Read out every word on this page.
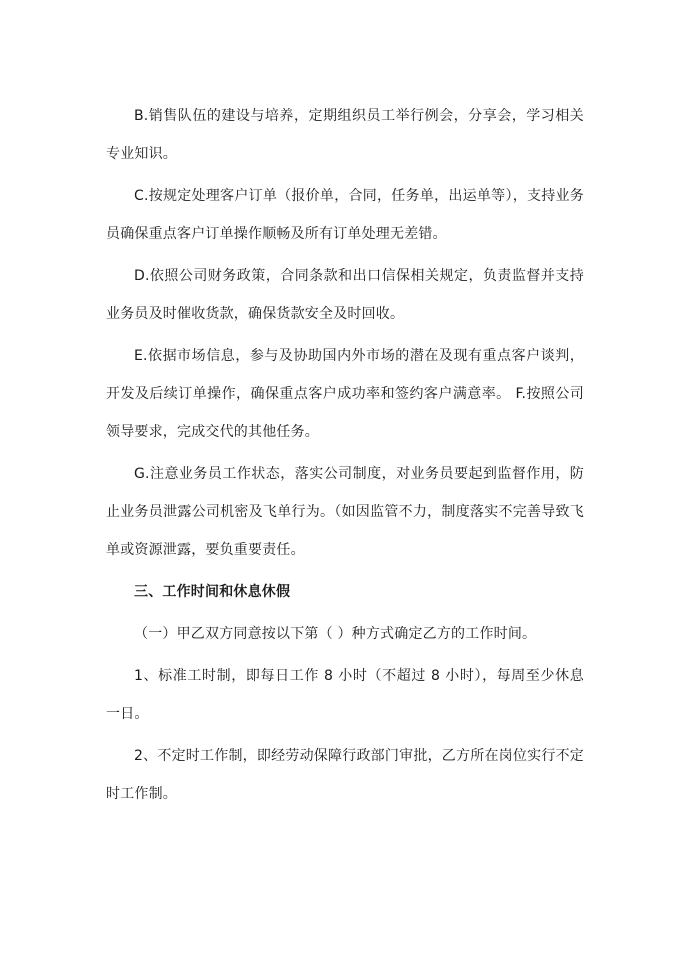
B.销售队伍的建设与培养，定期组织员工举行例会，分享会，学习相关专业知识。

C.按规定处理客户订单（报价单，合同，任务单，出运单等），支持业务员确保重点客户订单操作顺畅及所有订单处理无差错。

D.依照公司财务政策，合同条款和出口信保相关规定，负责监督并支持业务员及时催收货款，确保货款安全及时回收。

E.依据市场信息，参与及协助国内外市场的潜在及现有重点客户谈判，开发及后续订单操作，确保重点客户成功率和签约客户满意率。 F.按照公司领导要求，完成交代的其他任务。

G.注意业务员工作状态，落实公司制度，对业务员要起到监督作用，防止业务员泄露公司机密及飞单行为。（如因监管不力，制度落实不完善导致飞单或资源泄露，要负重要责任。

三、工作时间和休息休假

（一）甲乙双方同意按以下第（ ）种方式确定乙方的工作时间。

1、标准工时制，即每日工作 8 小时（不超过 8 小时），每周至少休息一日。

2、不定时工作制，即经劳动保障行政部门审批，乙方所在岗位实行不定时工作制。
